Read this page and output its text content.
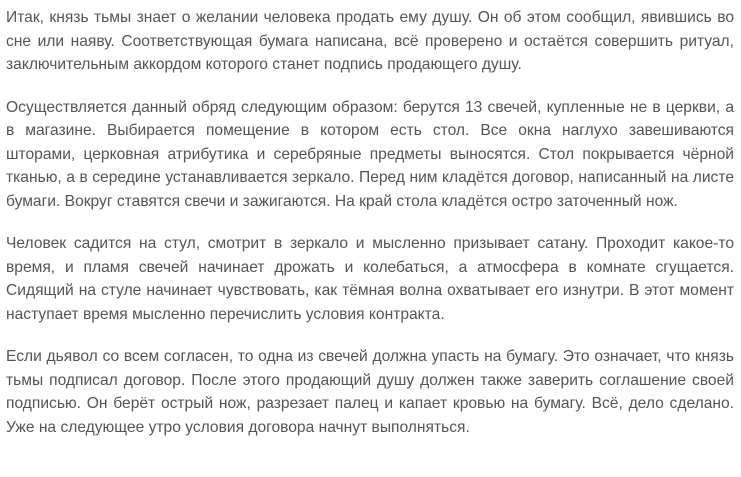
Итак, князь тьмы знает о желании человека продать ему душу. Он об этом сообщил, явившись во сне или наяву. Соответствующая бумага написана, всё проверено и остаётся совершить ритуал, заключительным аккордом которого станет подпись продающего душу.

Осуществляется данный обряд следующим образом: берутся 13 свечей, купленные не в церкви, а в магазине. Выбирается помещение в котором есть стол. Все окна наглухо завешиваются шторами, церковная атрибутика и серебряные предметы выносятся. Стол покрывается чёрной тканью, а в середине устанавливается зеркало. Перед ним кладётся договор, написанный на листе бумаги. Вокруг ставятся свечи и зажигаются. На край стола кладётся остро заточенный нож.

Человек садится на стул, смотрит в зеркало и мысленно призывает сатану. Проходит какое-то время, и пламя свечей начинает дрожать и колебаться, а атмосфера в комнате сгущается. Сидящий на стуле начинает чувствовать, как тёмная волна охватывает его изнутри. В этот момент наступает время мысленно перечислить условия контракта.

Если дьявол со всем согласен, то одна из свечей должна упасть на бумагу. Это означает, что князь тьмы подписал договор. После этого продающий душу должен также заверить соглашение своей подписью. Он берёт острый нож, разрезает палец и капает кровью на бумагу. Всё, дело сделано. Уже на следующее утро условия договора начнут выполняться.
